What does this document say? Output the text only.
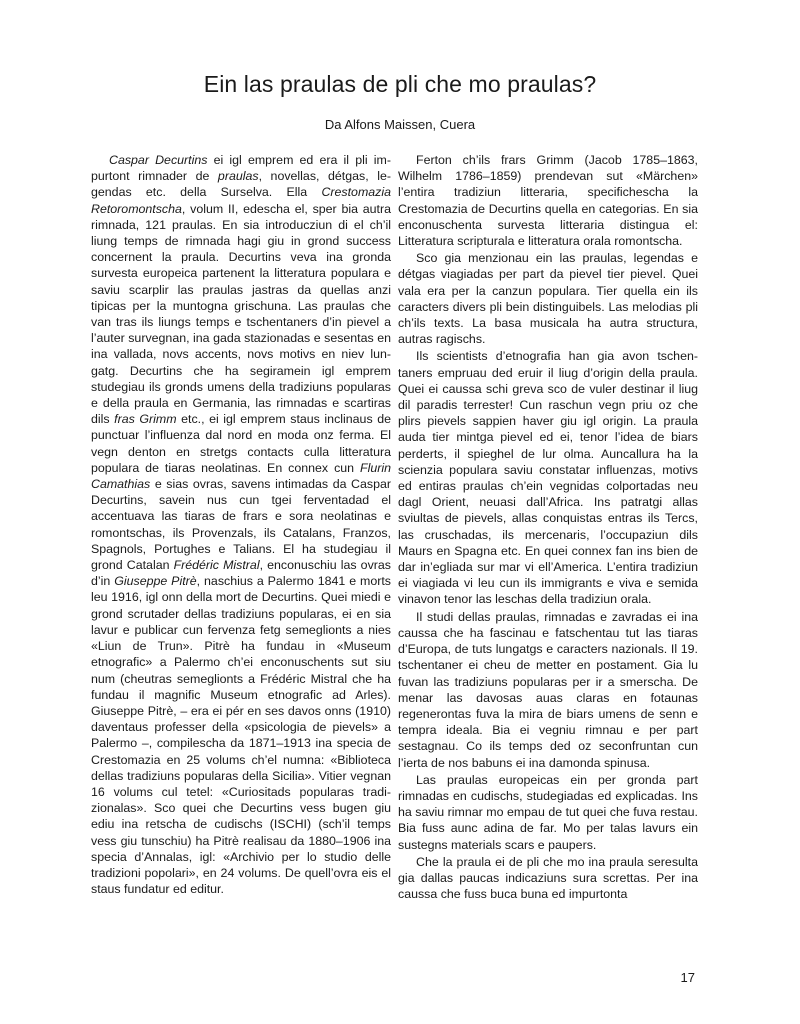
Ein las praulas de pli che mo praulas?

Da Alfons Maissen, Cuera

Caspar Decurtins ei igl emprem ed era il pli impurtont rimnader de praulas, novellas, détgas, legendas etc. della Surselva. Ella Crestomazia Retoromontscha, volum II, edescha el, sper bia autra rimnada, 121 praulas. En sia introducziun di el ch’il liung temps de rimnada hagi giu in grond success concernent la praula. Decurtins veva ina gronda survesta europeica partenent la litteratura populara e saviu scarplir las praulas jastras da quellas anzi tipicas per la muntogna grischuna. Las praulas che van tras ils liungs temps e tschentaners d’in pievel a l’auter survegnan, ina gada stazionadas e sesentas en ina vallada, novs accents, novs motivs en niev lungatg. Decurtins che ha segiramein igl emprem studegiau ils gronds umens della tradiziuns popularas e della praula en Germania, las rimnadas e scartiras dils fras Grimm etc., ei igl emprem staus inclinaus de punctuar l’influenza dal nord en moda onz ferma. El vegn denton en stretgs contacts culla litteratura populara de tiaras neolatinas. En connex cun Flurin Camathias e sias ovras, savens intimadas da Caspar Decurtins, savein nus cun tgei ferventadad el accentuava las tiaras de frars e sora neolatinas e romontschas, ils Provenzals, ils Catalans, Franzos, Spagnols, Portughes e Talians. El ha studegiau il grond Catalan Frédéric Mistral, enconuschiu las ovras d’in Giuseppe Pitrè, naschius a Palermo 1841 e morts leu 1916, igl onn della mort de Decurtins. Quei miedi e grond scrutader dellas tradiziuns popularas, ei en sia lavur e publicar cun fervenza fetg semeglionts a nies «Liun de Trun». Pitrè ha fundau in «Museum etnografic» a Palermo ch’ei enconuschents sut siu num (cheutras semeglionts a Frédéric Mistral che ha fundau il magnific Museum etnografic ad Arles). Giuseppe Pitrè, – era ei pér en ses davos onns (1910) daventaus professer della «psicologia de pievels» a Palermo –, compilescha da 1871–1913 ina specia de Crestomazia en 25 volums ch’el numna: «Biblioteca dellas tradiziuns popularas della Sicilia». Vitier vegnan 16 volums cul tetel: «Curiositads popularas tradizionalas». Sco quei che Decurtins vess bugen giu ediu ina retscha de cudischs (ISCHI) (sch’il temps vess giu tunschiu) ha Pitrè realisau da 1880–1906 ina specia d’Annalas, igl: «Archivio per lo studio delle tradizioni popolari», en 24 volums. De quell’ovra eis el staus fundatur ed editur.

Ferton ch’ils frars Grimm (Jacob 1785–1863, Wilhelm 1786–1859) prendevan sut «Märchen» l’entira tradiziun litteraria, specificheschа la Crestomazia de Decurtins quella en categorias. En sia enconuschenta survesta litteraria distingua el: Litteratura scripturala e litteratura orala romontscha.

Sco gia menzionau ein las praulas, legendas e détgas viagiadas per part da pievel tier pievel. Quei vala era per la canzun populara. Tier quella ein ils caracters divers pli bein distinguibels. Las melodias pli ch’ils texts. La basa musicala ha autra structura, autras ragischs.

Ils scientists d’etnografia han gia avon tschentaners empruau ded eruir il liug d’origin della praula. Quei ei caussa schi greva sco de vuler destinar il liug dil paradis terrester! Cun raschun vegn priu oz che plirs pievels sappien haver giu igl origin. La praula auda tier mintga pievel ed ei, tenor l’idea de biars perderts, il spieghel de lur olma. Auncallura ha la scienzia populara saviu constatar influenzas, motivs ed entiras praulas ch’ein vegnidas colportadas neu dagl Orient, neuasi dall’Africa. Ins patratgi allas sviultas de pievels, allas conquistas entras ils Tercs, las cruschadas, ils mercenaris, l’occupaziun dils Maurs en Spagna etc. En quei connex fan ins bien de dar in’egliada sur mar vi ell’America. L’entira tradiziun ei viagiada vi leu cun ils immigrants e viva e semida vinavon tenor las leschas della tradiziun orala.

Il studi dellas praulas, rimnadas e zavradas ei ina caussa che ha fascinau e fatschentau tut las tiaras d’Europa, de tuts lungatgs e caracters nazionals. Il 19. tschentaner ei cheu de metter en postament. Gia lu fuvan las tradiziuns popularas per ir a smerscha. De menar las davosas auas claras en fotaunas regenerontas fuva la mira de biars umens de senn e tempra ideala. Bia ei vegniu rimnau e per part sestagnau. Co ils temps ded oz seconfruntan cun l’ierta de nos babuns ei ina damonda spinusa.

Las praulas europeicas ein per gronda part rimnadas en cudischs, studegiadas ed explicadas. Ins ha saviu rimnar mo empau de tut quei che fuva restau. Bia fuss aunc adina de far. Mo per talas lavurs ein sustegns materials scars e paupers.

Che la praula ei de pli che mo ina praula seresulta gia dallas paucas indicaziuns sura screttas. Per ina caussa che fuss buca buna ed impurtonta

17
